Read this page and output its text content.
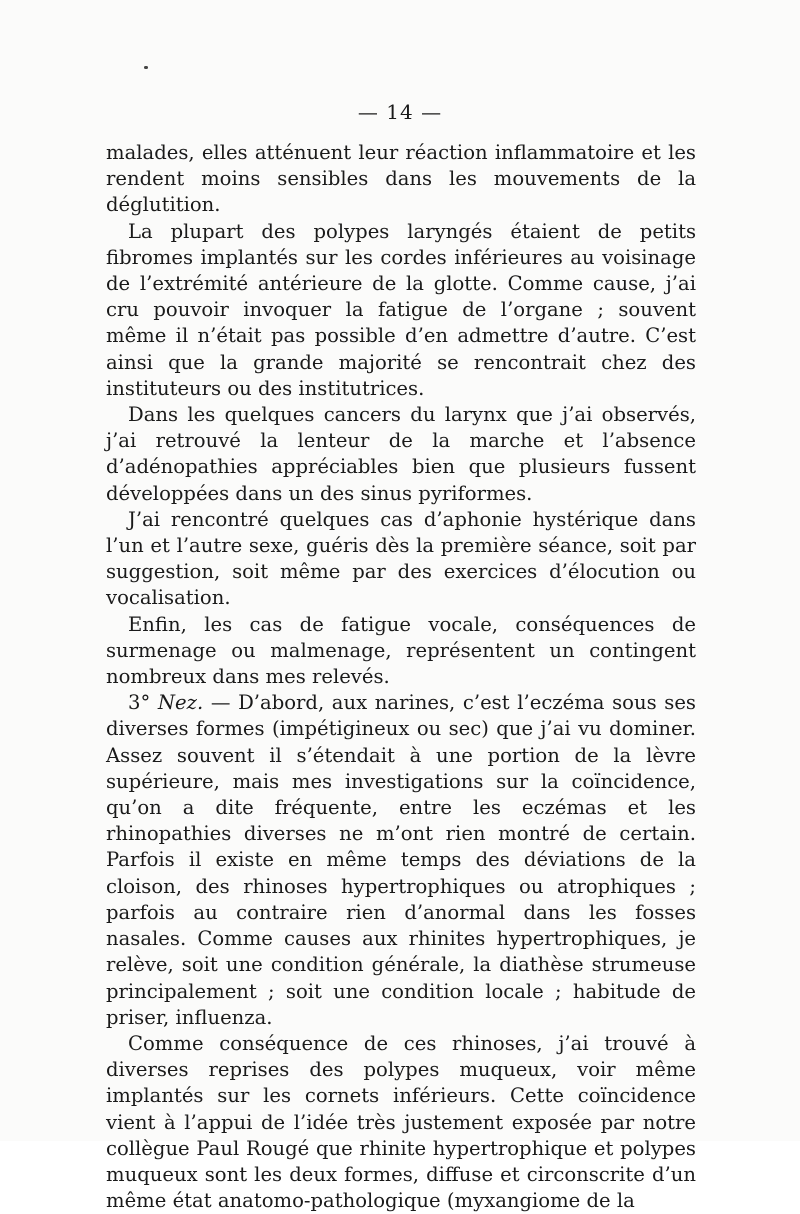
— 14 —

malades, elles atténuent leur réaction inflammatoire et les rendent moins sensibles dans les mouvements de la déglutition.

La plupart des polypes laryngés étaient de petits fibromes implantés sur les cordes inférieures au voisinage de l’extrémité antérieure de la glotte. Comme cause, j’ai cru pouvoir invoquer la fatigue de l’organe ; souvent même il n’était pas possible d’en admettre d’autre. C’est ainsi que la grande majorité se rencontrait chez des instituteurs ou des institutrices.

Dans les quelques cancers du larynx que j’ai observés, j’ai retrouvé la lenteur de la marche et l’absence d’adénopathies appréciables bien que plusieurs fussent développées dans un des sinus pyriformes.

J’ai rencontré quelques cas d’aphonie hystérique dans l’un et l’autre sexe, guéris dès la première séance, soit par suggestion, soit même par des exercices d’élocution ou vocalisation.

Enfin, les cas de fatigue vocale, conséquences de surmenage ou malmenage, représentent un contingent nombreux dans mes relevés.

3° Nez. — D’abord, aux narines, c’est l’eczéma sous ses diverses formes (impétigineux ou sec) que j’ai vu dominer. Assez souvent il s’étendait à une portion de la lèvre supérieure, mais mes investigations sur la coïncidence, qu’on a dite fréquente, entre les eczémas et les rhinopathies diverses ne m’ont rien montré de certain. Parfois il existe en même temps des déviations de la cloison, des rhinoses hypertrophiques ou atrophiques ; parfois au contraire rien d’anormal dans les fosses nasales. Comme causes aux rhinites hypertrophiques, je relève, soit une condition générale, la diathèse strumeuse principalement ; soit une condition locale ; habitude de priser, influenza.

Comme conséquence de ces rhinoses, j’ai trouvé à diverses reprises des polypes muqueux, voir même implantés sur les cornets inférieurs. Cette coïncidence vient à l’appui de l’idée très justement exposée par notre collègue Paul Rougé que rhinite hypertrophique et polypes muqueux sont les deux formes, diffuse et circonscrite d’un même état anatomo-pathologique (myxangiome de la
